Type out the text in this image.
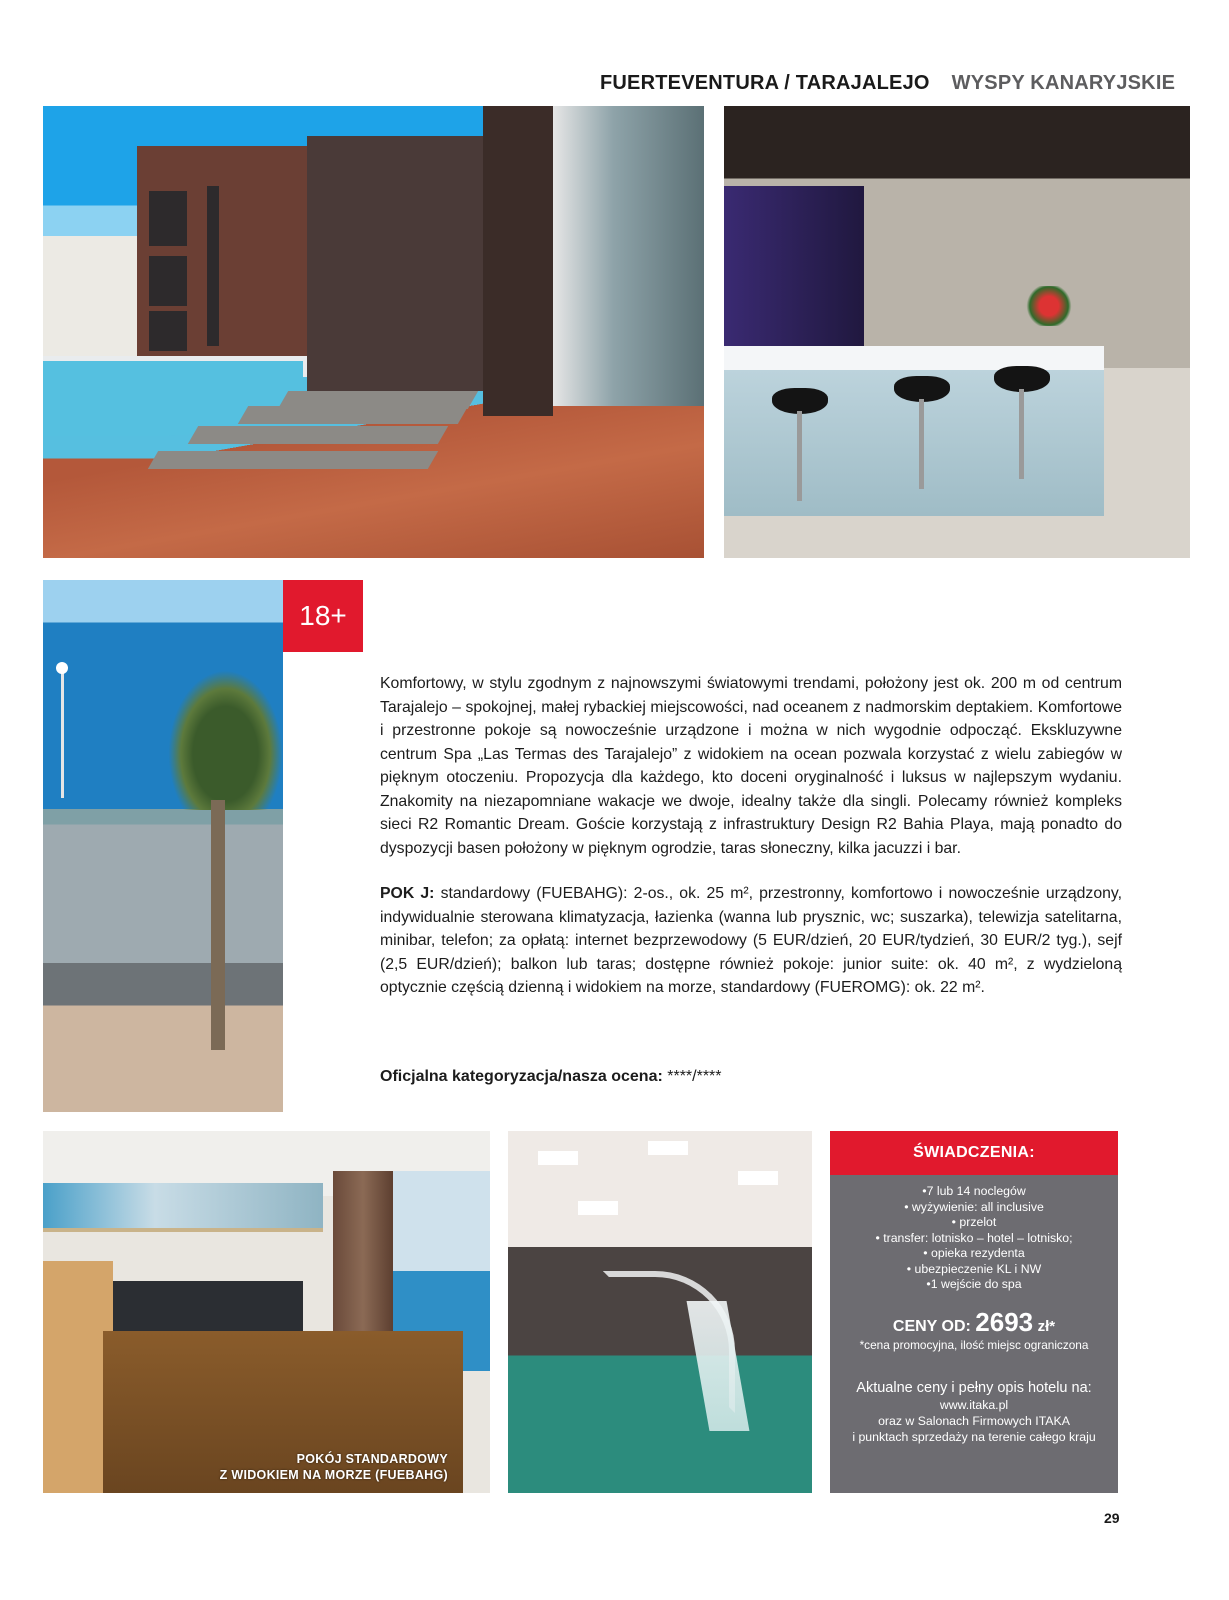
FUERTEVENTURA / TARAJALEJO WYSPY KANARYJSKIE
18+

Komfortowy, w stylu zgodnym z najnowszymi światowymi trendami, położony jest ok. 200 m od centrum Tarajalejo – spokojnej, małej rybackiej miejscowości, nad oceanem z nadmorskim deptakiem. Komfortowe i przestronne pokoje są nowocześnie urządzone i można w nich wygodnie odpocząć. Ekskluzywne centrum Spa „Las Termas des Tarajalejo” z widokiem na ocean pozwala korzystać z wielu zabiegów w pięknym otoczeniu. Propozycja dla każdego, kto doceni oryginalność i luksus w najlepszym wydaniu. Znakomity na niezapomniane wakacje we dwoje, idealny także dla singli. Polecamy również kompleks sieci R2 Romantic Dream. Goście korzystają z infrastruktury Design R2 Bahia Playa, mają ponadto do dyspozycji basen położony w pięknym ogrodzie, taras słoneczny, kilka jacuzzi i bar.

POK J: standardowy (FUEBAHG): 2-os., ok. 25 m², przestronny, komfortowo i nowocześnie urządzony, indywidualnie sterowana klimatyzacja, łazienka (wanna lub prysznic, wc; suszarka), telewizja satelitarna, minibar, telefon; za opłatą: internet bezprzewodowy (5 EUR/dzień, 20 EUR/tydzień, 30 EUR/2 tyg.), sejf (2,5 EUR/dzień); balkon lub taras; dostępne również pokoje: junior suite: ok. 40 m², z wydzieloną optycznie częścią dzienną i widokiem na morze, standardowy (FUEROMG): ok. 22 m².

Oficjalna kategoryzacja/nasza ocena: ****/****
POKÓJ STANDARDOWY
Z WIDOKIEM NA MORZE (FUEBAHG)
ŚWIADCZENIA:
•7 lub 14 noclegów
• wyżywienie: all inclusive
• przelot
• transfer: lotnisko – hotel – lotnisko;
• opieka rezydenta
• ubezpieczenie KL i NW
•1 wejście do spa
CENY OD: 2693 zł*
*cena promocyjna, ilość miejsc ograniczona
Aktualne ceny i pełny opis hotelu na:
www.itaka.pl
oraz w Salonach Firmowych ITAKA
i punktach sprzedaży na terenie całego kraju
29
